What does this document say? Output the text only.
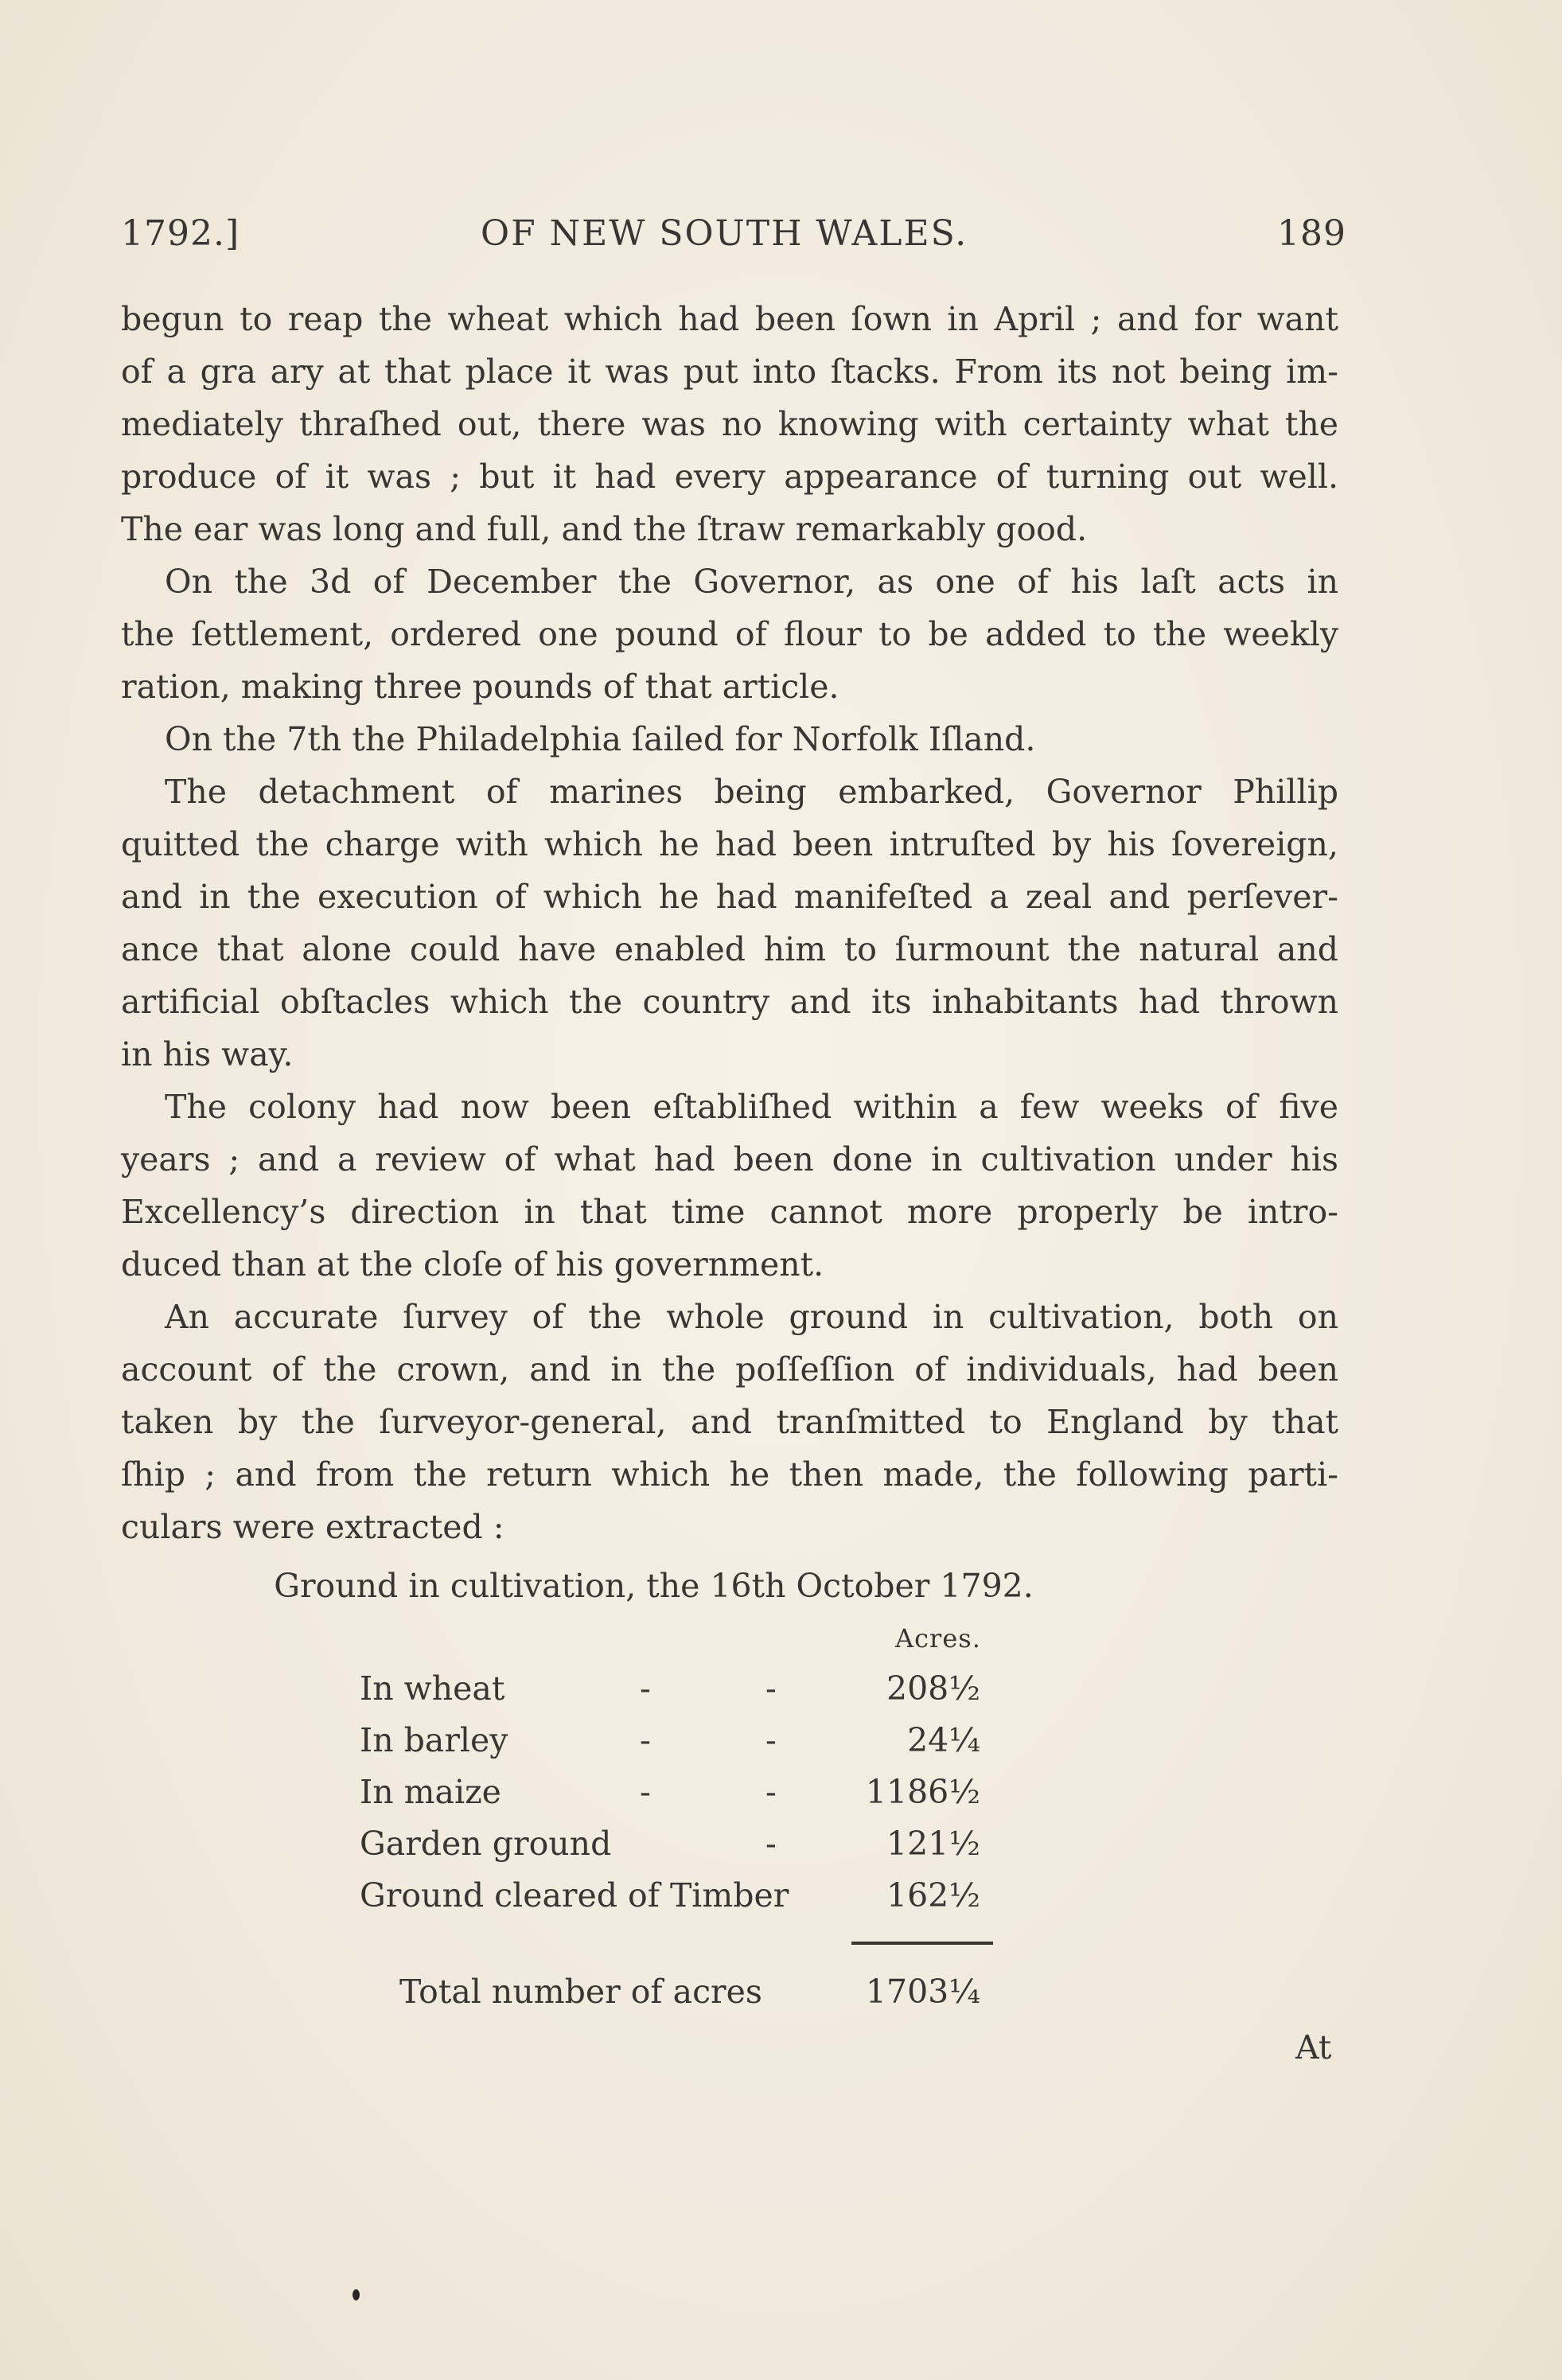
1792.]	OF NEW SOUTH WALES.	189
begun to reap the wheat which had been ſown in April ; and for want
of a gra ary at that place it was put into ſtacks. From its not being im-
mediately thraſhed out, there was no knowing with certainty what the
produce of it was ; but it had every appearance of turning out well.
The ear was long and full, and the ſtraw remarkably good.
On the 3d of December the Governor, as one of his laſt acts in
the ſettlement, ordered one pound of flour to be added to the weekly
ration, making three pounds of that article.
On the 7th the Philadelphia ſailed for Norfolk Iſland.
The detachment of marines being embarked, Governor Phillip
quitted the charge with which he had been intruſted by his ſovereign,
and in the execution of which he had manifeſted a zeal and perſever-
ance that alone could have enabled him to ſurmount the natural and
artificial obſtacles which the country and its inhabitants had thrown
in his way.
The colony had now been eſtabliſhed within a few weeks of five
years ; and a review of what had been done in cultivation under his
Excellency’s direction in that time cannot more properly be intro-
duced than at the cloſe of his government.
An accurate ſurvey of the whole ground in cultivation, both on
account of the crown, and in the poſſeſſion of individuals, had been
taken by the ſurveyor-general, and tranſmitted to England by that
ſhip ; and from the return which he then made, the following parti-
culars were extracted :
Ground in cultivation, the 16th October 1792.
Acres.
In wheat	-	-	208½
In barley	-	-	24¼
In maize	-	-	1186½
Garden ground	-	121½
Ground cleared of Timber	162½
Total number of acres	1703¼
At
